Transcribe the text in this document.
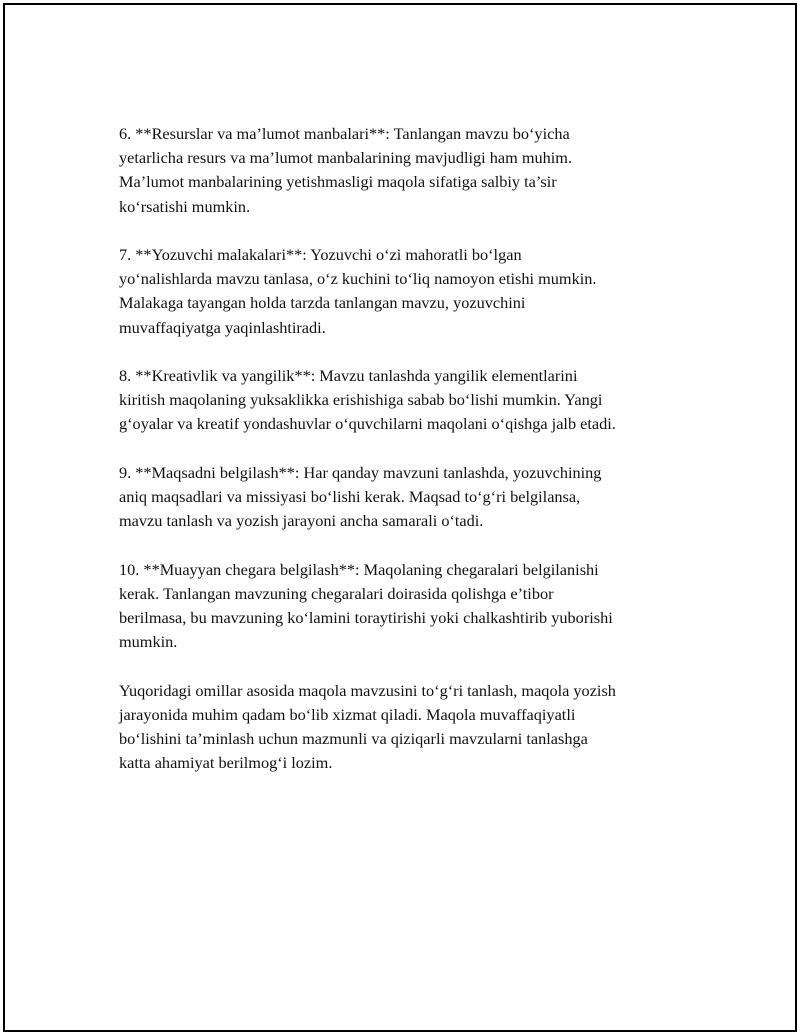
6. **Resurslar va ma’lumot manbalari**: Tanlangan mavzu bo‘yicha
yetarlicha resurs va ma’lumot manbalarining mavjudligi ham muhim.
Ma’lumot manbalarining yetishmasligi maqola sifatiga salbiy ta’sir
ko‘rsatishi mumkin.

7. **Yozuvchi malakalari**: Yozuvchi o‘zi mahoratli bo‘lgan
yo‘nalishlarda mavzu tanlasa, o‘z kuchini to‘liq namoyon etishi mumkin.
Malakaga tayangan holda tarzda tanlangan mavzu, yozuvchini
muvaffaqiyatga yaqinlashtiradi.

8. **Kreativlik va yangilik**: Mavzu tanlashda yangilik elementlarini
kiritish maqolaning yuksaklikka erishishiga sabab bo‘lishi mumkin. Yangi
g‘oyalar va kreatif yondashuvlar o‘quvchilarni maqolani o‘qishga jalb etadi.

9. **Maqsadni belgilash**: Har qanday mavzuni tanlashda, yozuvchining
aniq maqsadlari va missiyasi bo‘lishi kerak. Maqsad to‘g‘ri belgilansa,
mavzu tanlash va yozish jarayoni ancha samarali o‘tadi.

10. **Muayyan chegara belgilash**: Maqolaning chegaralari belgilanishi
kerak. Tanlangan mavzuning chegaralari doirasida qolishga e’tibor
berilmasa, bu mavzuning ko‘lamini toraytirishi yoki chalkashtirib yuborishi
mumkin.

Yuqoridagi omillar asosida maqola mavzusini to‘g‘ri tanlash, maqola yozish
jarayonida muhim qadam bo‘lib xizmat qiladi. Maqola muvaffaqiyatli
bo‘lishini ta’minlash uchun mazmunli va qiziqarli mavzularni tanlashga
katta ahamiyat berilmog‘i lozim.
